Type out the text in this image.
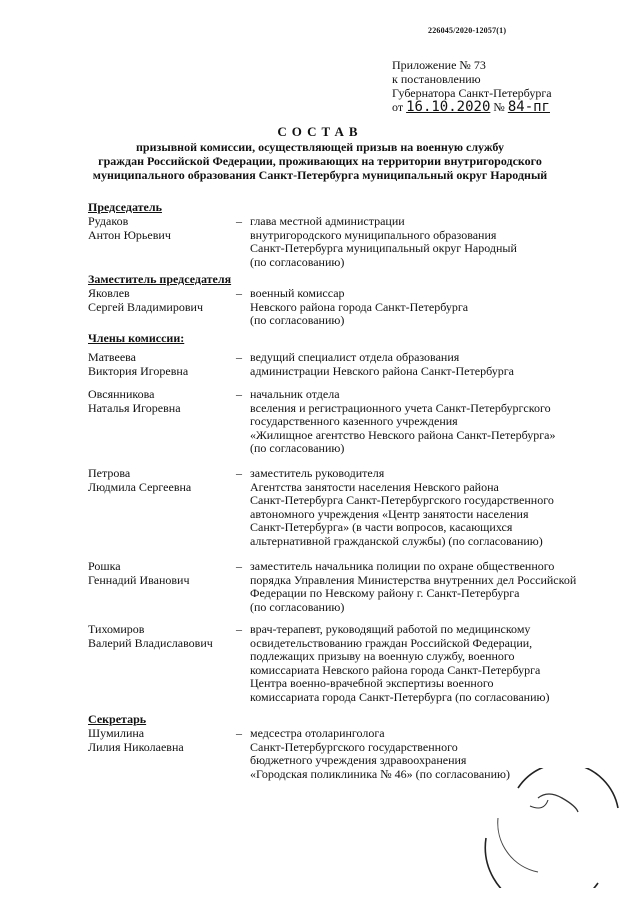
226045/2020-12057(1)
Приложение № 73
к постановлению
Губернатора Санкт-Петербурга
от 16.10.2020 № 84-пг
СОСТАВ
призывной комиссии, осуществляющей призыв на военную службу
граждан Российской Федерации, проживающих на территории внутригородского
муниципального образования Санкт-Петербурга муниципальный округ Народный
Председатель
Рудаков
Антон Юрьевич
– глава местной администрации
внутригородского муниципального образования
Санкт-Петербурга муниципальный округ Народный
(по согласованию)
Заместитель председателя
Яковлев
Сергей Владимирович
– военный комиссар
Невского района города Санкт-Петербурга
(по согласованию)
Члены комиссии:
Матвеева
Виктория Игоревна
– ведущий специалист отдела образования
администрации Невского района Санкт-Петербурга
Овсянникова
Наталья Игоревна
– начальник отдела
вселения и регистрационного учета Санкт-Петербургского
государственного казенного учреждения
«Жилищное агентство Невского района Санкт-Петербурга»
(по согласованию)
Петрова
Людмила Сергеевна
– заместитель руководителя
Агентства занятости населения Невского района
Санкт-Петербурга Санкт-Петербургского государственного
автономного учреждения «Центр занятости населения
Санкт-Петербурга» (в части вопросов, касающихся
альтернативной гражданской службы) (по согласованию)
Рошка
Геннадий Иванович
– заместитель начальника полиции по охране общественного
порядка Управления Министерства внутренних дел Российской
Федерации по Невскому району г. Санкт-Петербурга
(по согласованию)
Тихомиров
Валерий Владиславович
– врач-терапевт, руководящий работой по медицинскому
освидетельствованию граждан Российской Федерации,
подлежащих призыву на военную службу, военного
комиссариата Невского района города Санкт-Петербурга
Центра военно-врачебной экспертизы военного
комиссариата города Санкт-Петербурга (по согласованию)
Секретарь
Шумилина
Лилия Николаевна
– медсестра отоларинголога
Санкт-Петербургского государственного
бюджетного учреждения здравоохранения
«Городская поликлиника № 46» (по согласованию)
